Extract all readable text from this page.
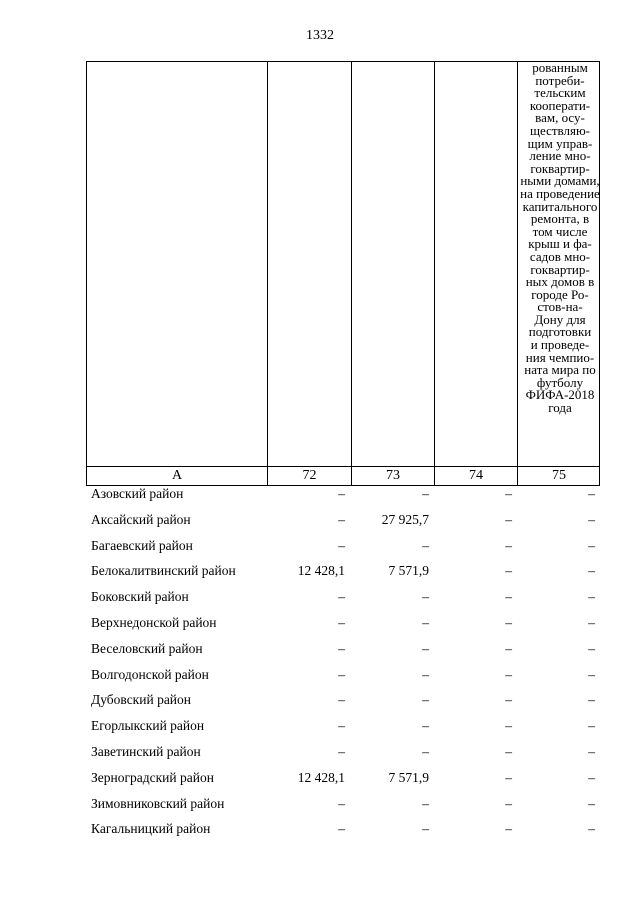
1332
рованным
потреби-
тельским
кооперати-
вам, осу-
ществляю-
щим управ-
ление мно-
гоквартир-
ными домами,
на проведение
капитального
ремонта, в
том числе
крыш и фа-
садов мно-
гоквартир-
ных домов в
городе Ро-
стов-на-
Дону для
подготовки
и проведе-
ния чемпио-
ната мира по
футболу
ФИФА-2018
года
А	72	73	74	75
Азовский район	–	–	–	–
Аксайский район	–	27 925,7	–	–
Багаевский район	–	–	–	–
Белокалитвинский район	12 428,1	7 571,9	–	–
Боковский район	–	–	–	–
Верхнедонской район	–	–	–	–
Веселовский район	–	–	–	–
Волгодонской район	–	–	–	–
Дубовский район	–	–	–	–
Егорлыкский район	–	–	–	–
Заветинский район	–	–	–	–
Зерноградский район	12 428,1	7 571,9	–	–
Зимовниковский район	–	–	–	–
Кагальницкий район	–	–	–	–
